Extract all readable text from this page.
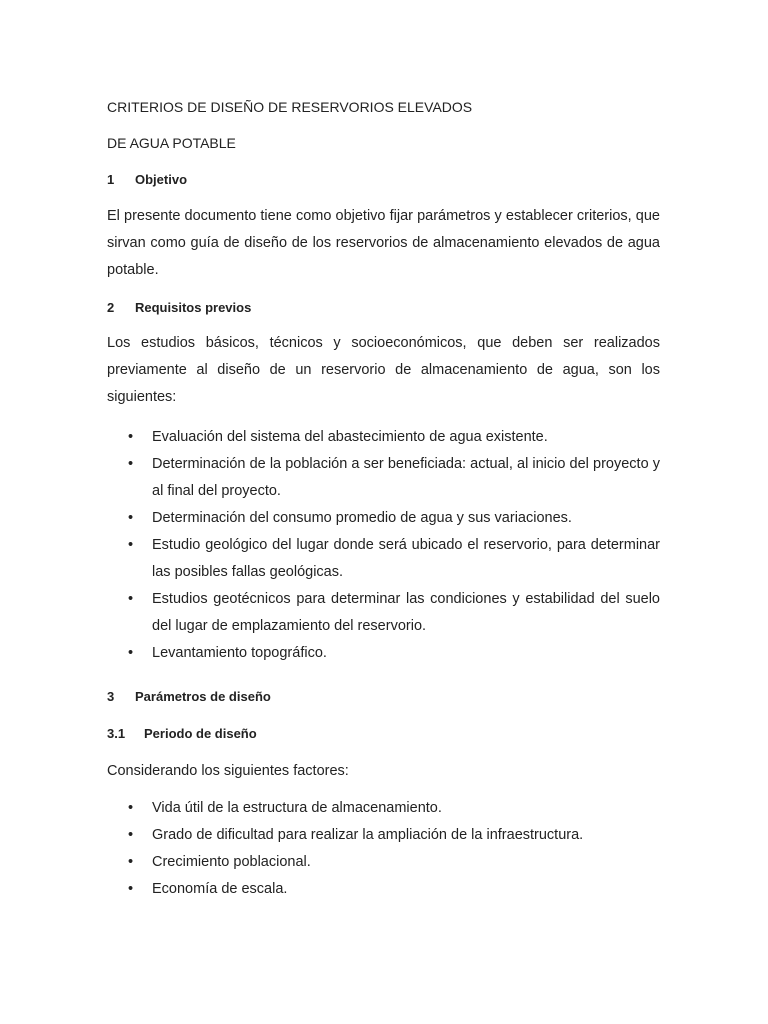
CRITERIOS DE DISEÑO DE RESERVORIOS ELEVADOS
DE AGUA POTABLE
1 Objetivo
El presente documento tiene como objetivo fijar parámetros y establecer criterios, que sirvan como guía de diseño de los reservorios de almacenamiento elevados de agua potable.
2 Requisitos previos
Los estudios básicos, técnicos y socioeconómicos, que deben ser realizados previamente al diseño de un reservorio de almacenamiento de agua, son los siguientes:
• Evaluación del sistema del abastecimiento de agua existente.
• Determinación de la población a ser beneficiada: actual, al inicio del proyecto y al final del proyecto.
• Determinación del consumo promedio de agua y sus variaciones.
• Estudio geológico del lugar donde será ubicado el reservorio, para determinar las posibles fallas geológicas.
• Estudios geotécnicos para determinar las condiciones y estabilidad del suelo del lugar de emplazamiento del reservorio.
• Levantamiento topográfico.
3 Parámetros de diseño
3.1 Periodo de diseño
Considerando los siguientes factores:
• Vida útil de la estructura de almacenamiento.
• Grado de dificultad para realizar la ampliación de la infraestructura.
• Crecimiento poblacional.
• Economía de escala.
